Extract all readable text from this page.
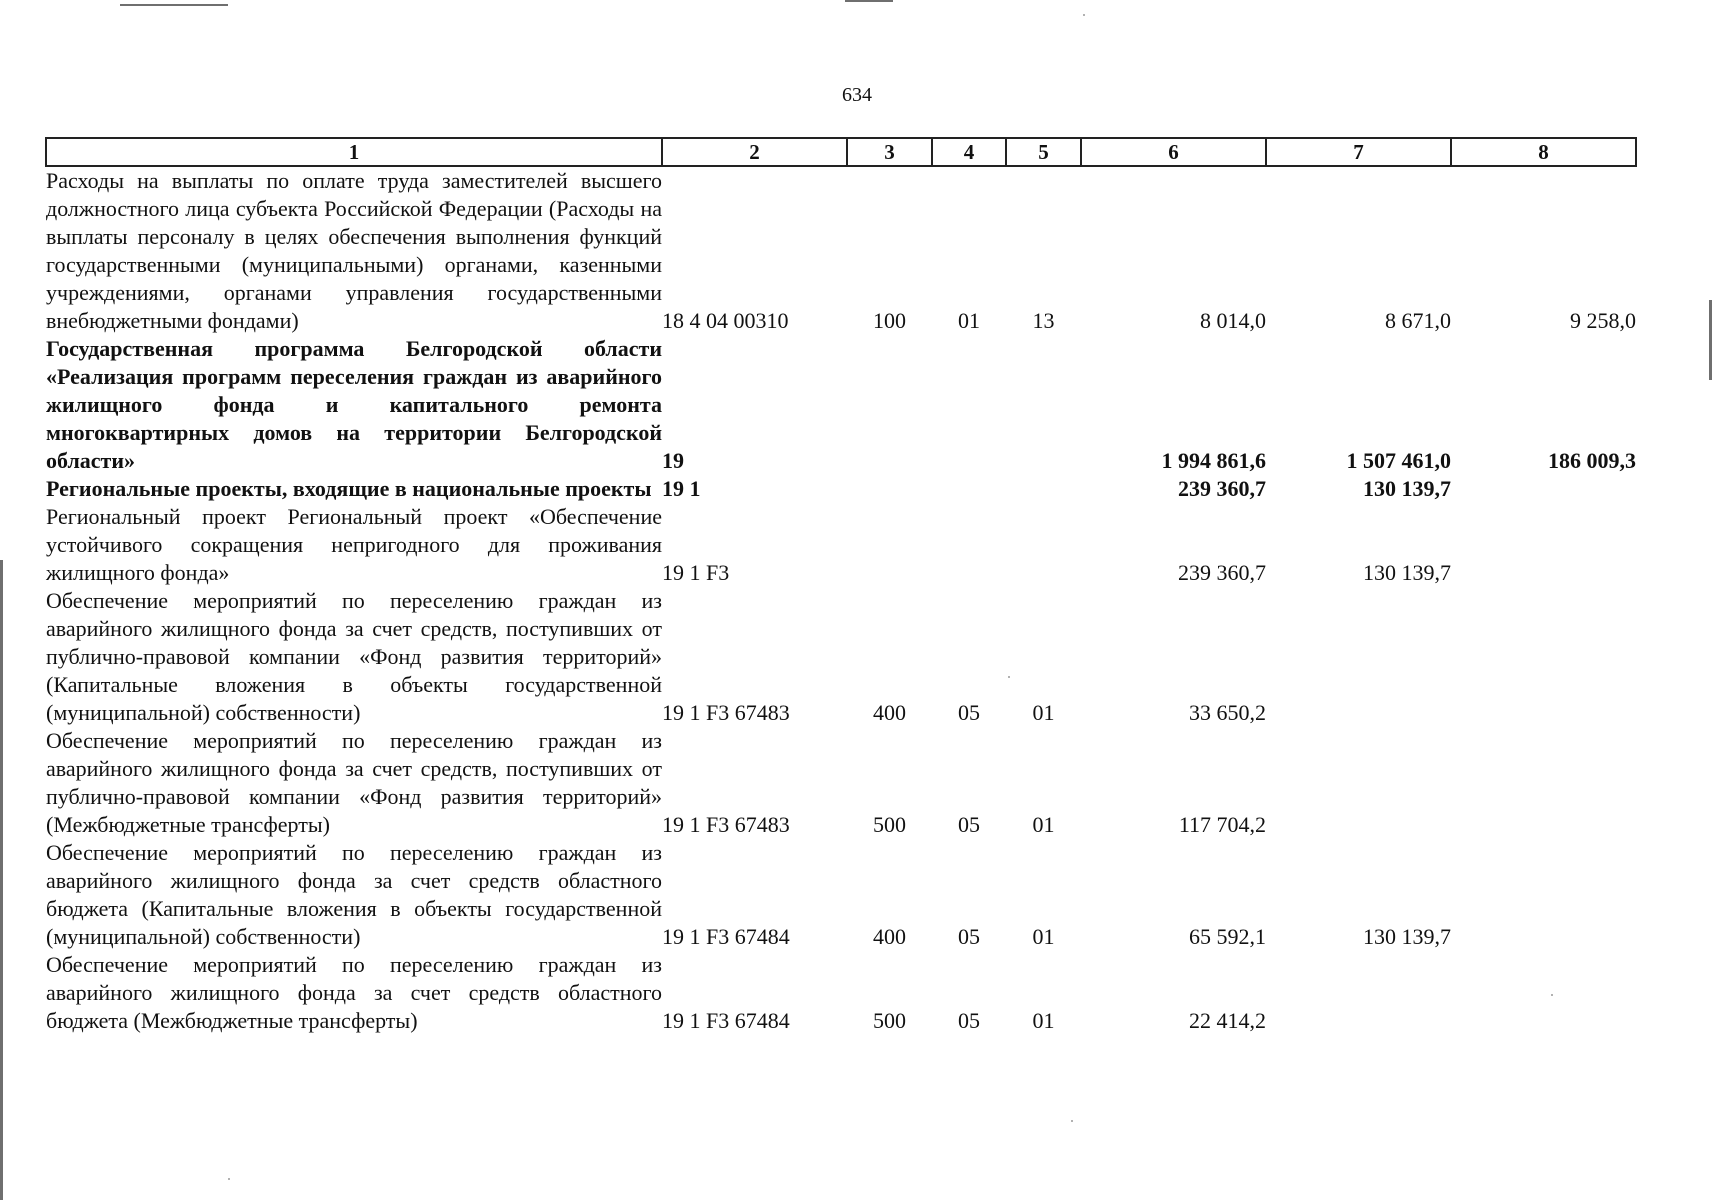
634
1	2	3	4	5	6	7	8
Расходы на выплаты по оплате труда заместителей высшего должностного лица субъекта Российской Федерации (Расходы на выплаты персоналу в целях обеспечения выполнения функций государственными (муниципальными) органами, казенными учреждениями, органами управления государственными внебюджетными фондами)	18 4 04 00310	100	01	13	8 014,0	8 671,0	9 258,0
Государственная программа Белгородской области «Реализация программ переселения граждан из аварийного жилищного фонда и капитального ремонта многоквартирных домов на территории Белгородской области»	19				1 994 861,6	1 507 461,0	186 009,3
Региональные проекты, входящие в национальные проекты	19 1				239 360,7	130 139,7	
Региональный проект Региональный проект «Обеспечение устойчивого сокращения непригодного для проживания жилищного фонда»	19 1 F3				239 360,7	130 139,7	
Обеспечение мероприятий по переселению граждан из аварийного жилищного фонда за счет средств, поступивших от публично-правовой компании «Фонд развития территорий» (Капитальные вложения в объекты государственной (муниципальной) собственности)	19 1 F3 67483	400	05	01	33 650,2		
Обеспечение мероприятий по переселению граждан из аварийного жилищного фонда за счет средств, поступивших от публично-правовой компании «Фонд развития территорий» (Межбюджетные трансферты)	19 1 F3 67483	500	05	01	117 704,2		
Обеспечение мероприятий по переселению граждан из аварийного жилищного фонда за счет средств областного бюджета (Капитальные вложения в объекты государственной (муниципальной) собственности)	19 1 F3 67484	400	05	01	65 592,1	130 139,7	
Обеспечение мероприятий по переселению граждан из аварийного жилищного фонда за счет средств областного бюджета (Межбюджетные трансферты)	19 1 F3 67484	500	05	01	22 414,2		
